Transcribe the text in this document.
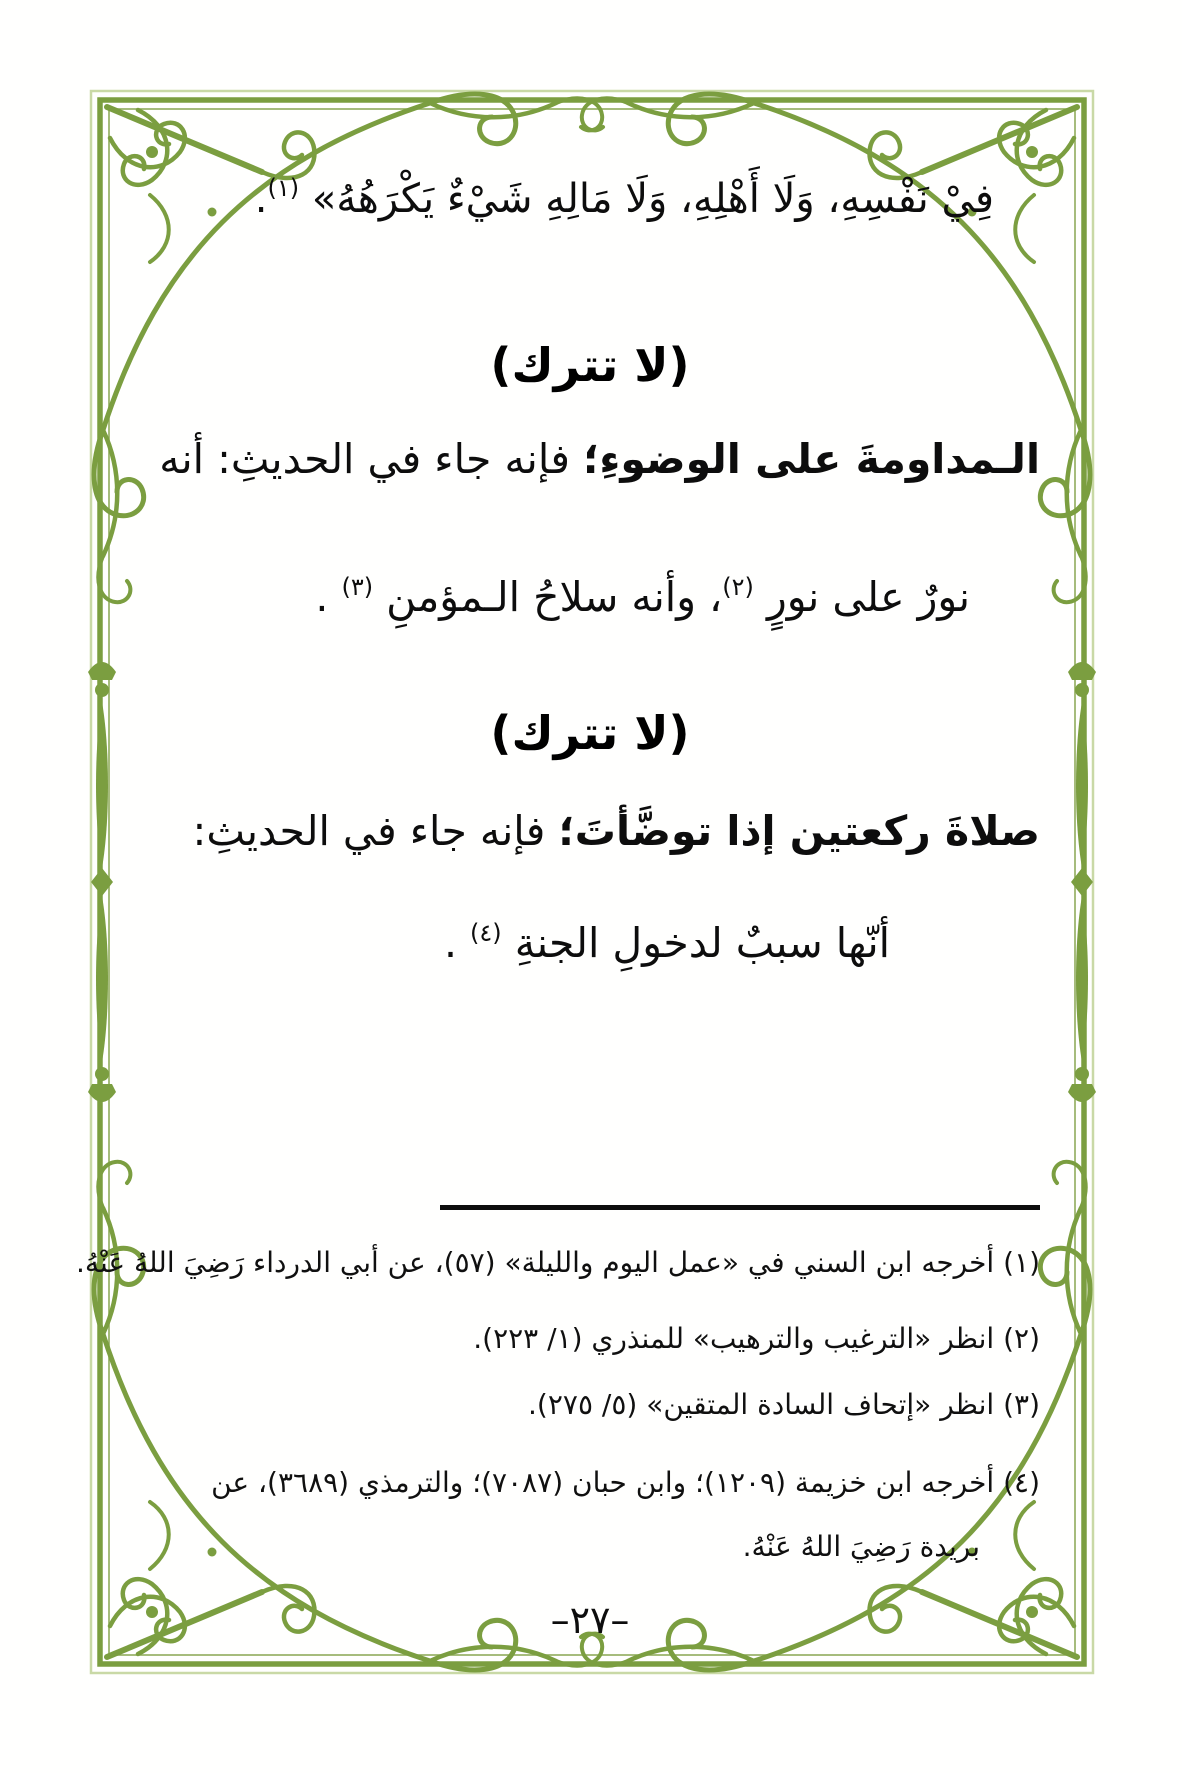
فِيْ نَفْسِهِ، وَلَا أَهْلِهِ، وَلَا مَالِهِ شَيْءٌ يَكْرَهُهُ» $^{(١)}$.
(لا تترك)
الـمداومةَ على الوضوءِ؛ فإنه جاء في الحديثِ: أنه
نورٌ على نورٍ $^{(٢)}$، وأنه سلاحُ الـمؤمنِ $^{(٣)}$ .
(لا تترك)
صلاةَ ركعتين إذا توضَّأتَ؛ فإنه جاء في الحديثِ:
أنّها سببٌ لدخولِ الجنةِ $^{(٤)}$ .
(١) أخرجه ابن السني في «عمل اليوم والليلة» (٥٧)، عن أبي الدرداء رَضِيَ اللهُ عَنْهُ.
(٢) انظر «الترغيب والترهيب» للمنذري (١/ ٢٢٣).
(٣) انظر «إتحاف السادة المتقين» (٥/ ٢٧٥).
(٤) أخرجه ابن خزيمة (١٢٠٩)؛ وابن حبان (٧٠٨٧)؛ والترمذي (٣٦٨٩)، عن
بريدة رَضِيَ اللهُ عَنْهُ.
–٢٧–
